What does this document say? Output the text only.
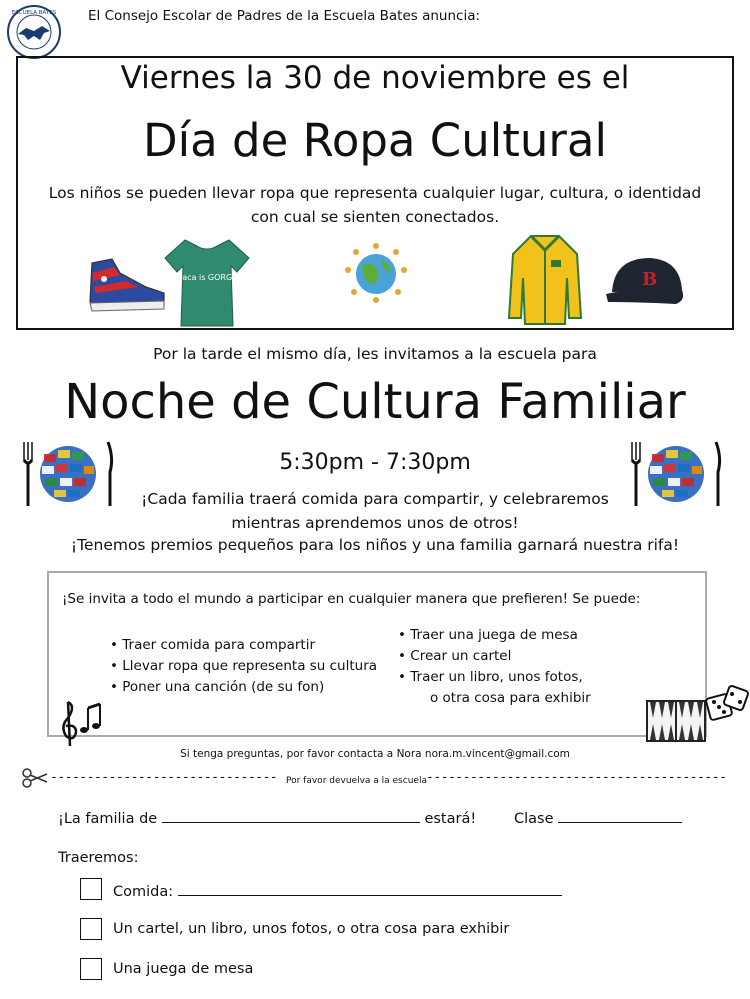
ESCUELA BATES El Consejo Escolar de Padres de la Escuela Bates anuncia:
Viernes la 30 de noviembre es el
Día de Ropa Cultural
Los niños se pueden llevar ropa que representa cualquier lugar, cultura, o identidad con cual se sienten conectados.
Ithaca is GORGES	B
Por la tarde el mismo día, les invitamos a la escuela para
Noche de Cultura Familiar
5:30pm - 7:30pm
¡Cada familia traerá comida para compartir, y celebraremos mientras aprendemos unos de otros!
¡Tenemos premios pequeños para los niños y una familia garnará nuestra rifa!
¡Se invita a todo el mundo a participar en cualquier manera que prefieren! Se puede:
• Traer comida para compartir
• Llevar ropa que representa su cultura
• Poner una canción (de su fon)
• Traer una juega de mesa
• Crear un cartel
• Traer un libro, unos fotos,
o otra cosa para exhibir
Si tenga preguntas, por favor contacta a Nora nora.m.vincent@gmail.com
------------------------------- Por favor devuelva a la escuela -----------------------------------------
¡La familia de	estará!	Clase
Traeremos:
Comida:
Un cartel, un libro, unos fotos, o otra cosa para exhibir
Una juega de mesa
